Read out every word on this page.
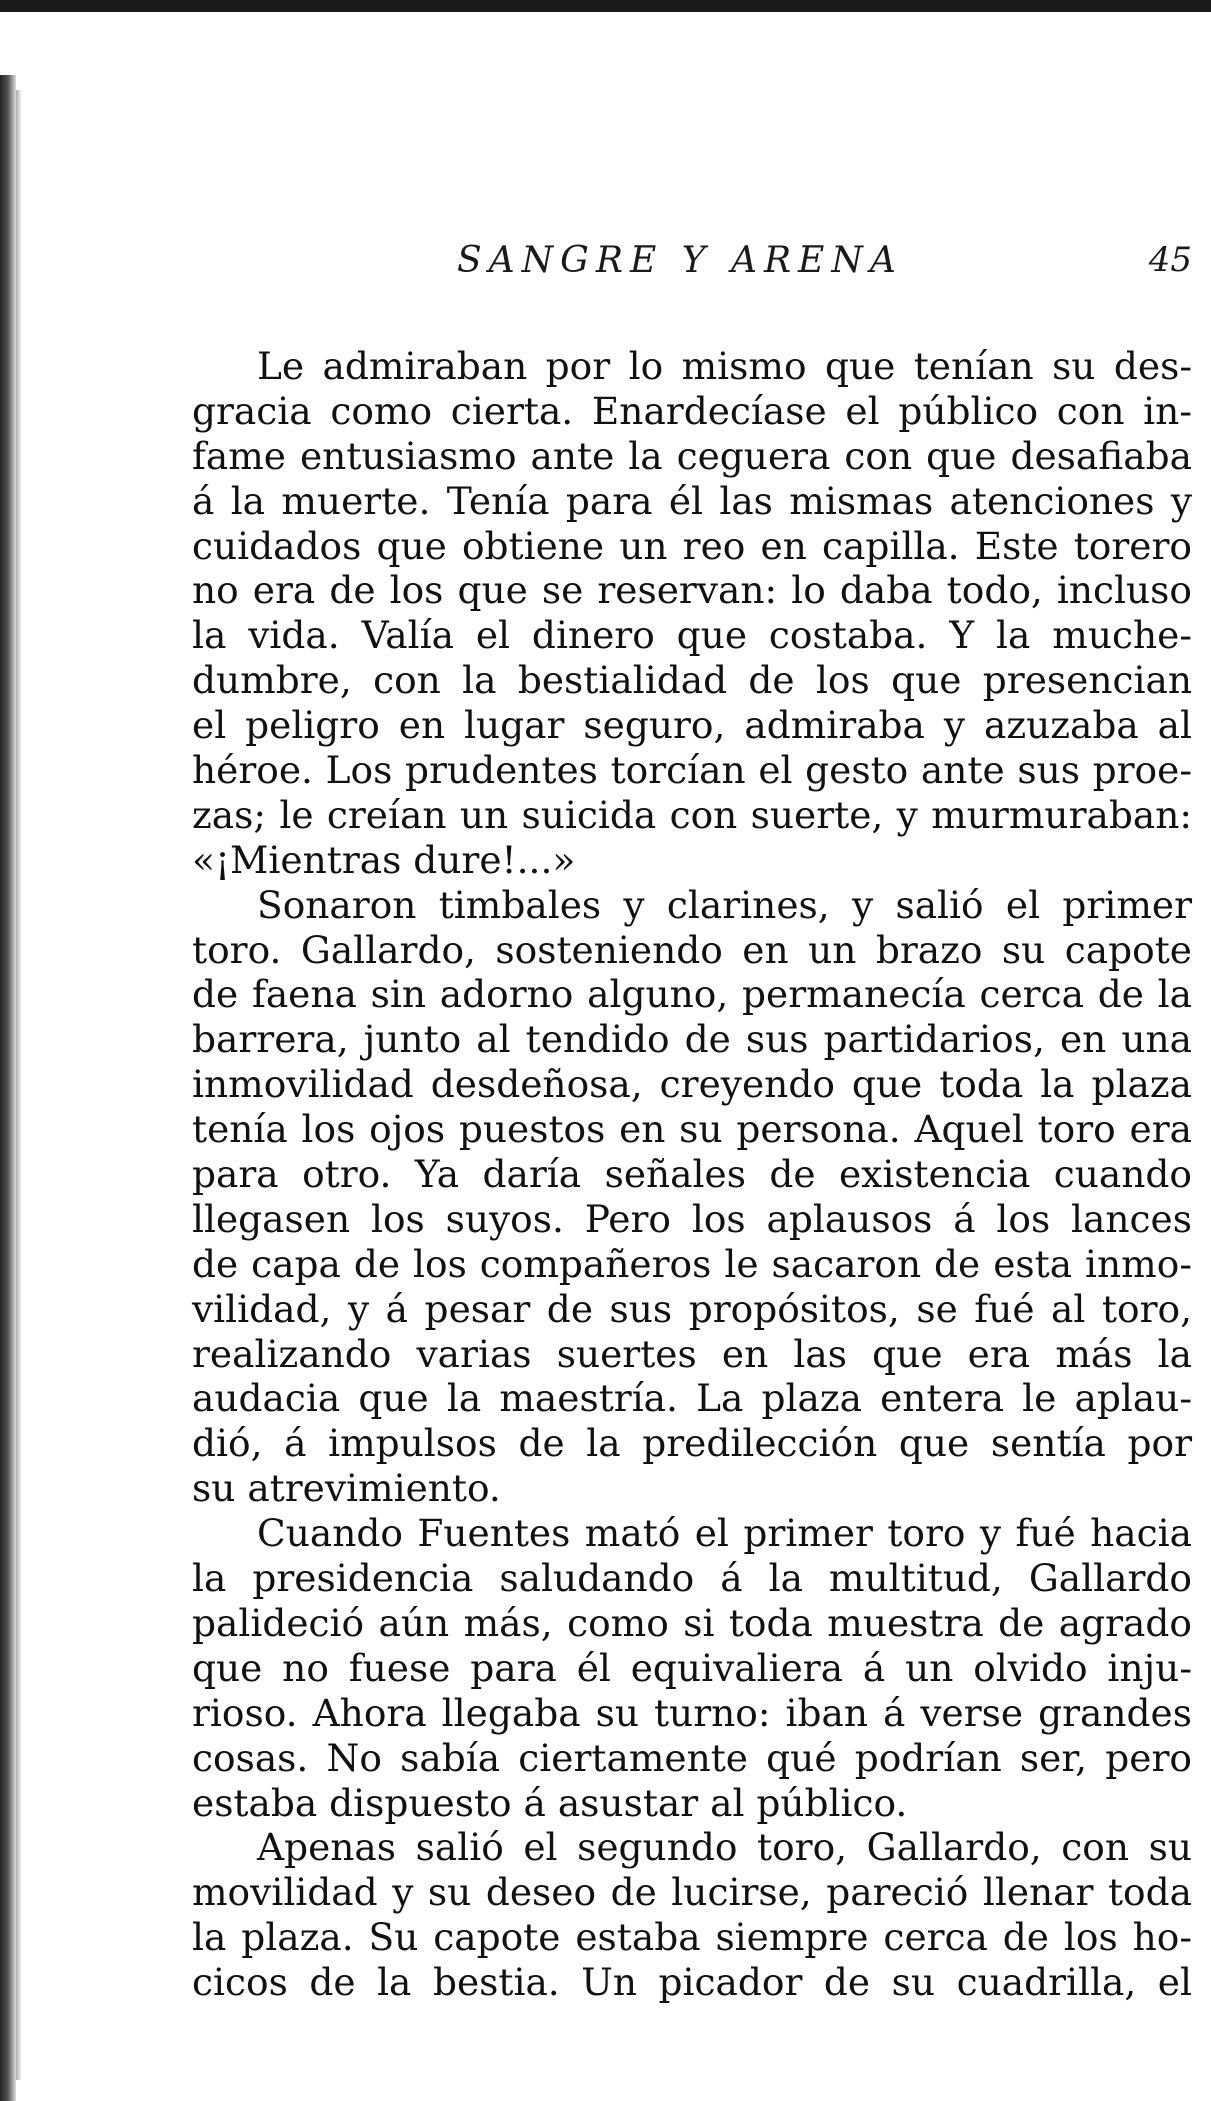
SANGRE Y ARENA	45
Le admiraban por lo mismo que tenían su des-
gracia como cierta. Enardecíase el público con in-
fame entusiasmo ante la ceguera con que desafiaba
á la muerte. Tenía para él las mismas atenciones y
cuidados que obtiene un reo en capilla. Este torero
no era de los que se reservan: lo daba todo, incluso
la vida. Valía el dinero que costaba. Y la muche-
dumbre, con la bestialidad de los que presencian
el peligro en lugar seguro, admiraba y azuzaba al
héroe. Los prudentes torcían el gesto ante sus proe-
zas; le creían un suicida con suerte, y murmuraban:
«¡Mientras dure!...»
Sonaron timbales y clarines, y salió el primer
toro. Gallardo, sosteniendo en un brazo su capote
de faena sin adorno alguno, permanecía cerca de la
barrera, junto al tendido de sus partidarios, en una
inmovilidad desdeñosa, creyendo que toda la plaza
tenía los ojos puestos en su persona. Aquel toro era
para otro. Ya daría señales de existencia cuando
llegasen los suyos. Pero los aplausos á los lances
de capa de los compañeros le sacaron de esta inmo-
vilidad, y á pesar de sus propósitos, se fué al toro,
realizando varias suertes en las que era más la
audacia que la maestría. La plaza entera le aplau-
dió, á impulsos de la predilección que sentía por
su atrevimiento.
Cuando Fuentes mató el primer toro y fué hacia
la presidencia saludando á la multitud, Gallardo
palideció aún más, como si toda muestra de agrado
que no fuese para él equivaliera á un olvido inju-
rioso. Ahora llegaba su turno: iban á verse grandes
cosas. No sabía ciertamente qué podrían ser, pero
estaba dispuesto á asustar al público.
Apenas salió el segundo toro, Gallardo, con su
movilidad y su deseo de lucirse, pareció llenar toda
la plaza. Su capote estaba siempre cerca de los ho-
cicos de la bestia. Un picador de su cuadrilla, el
